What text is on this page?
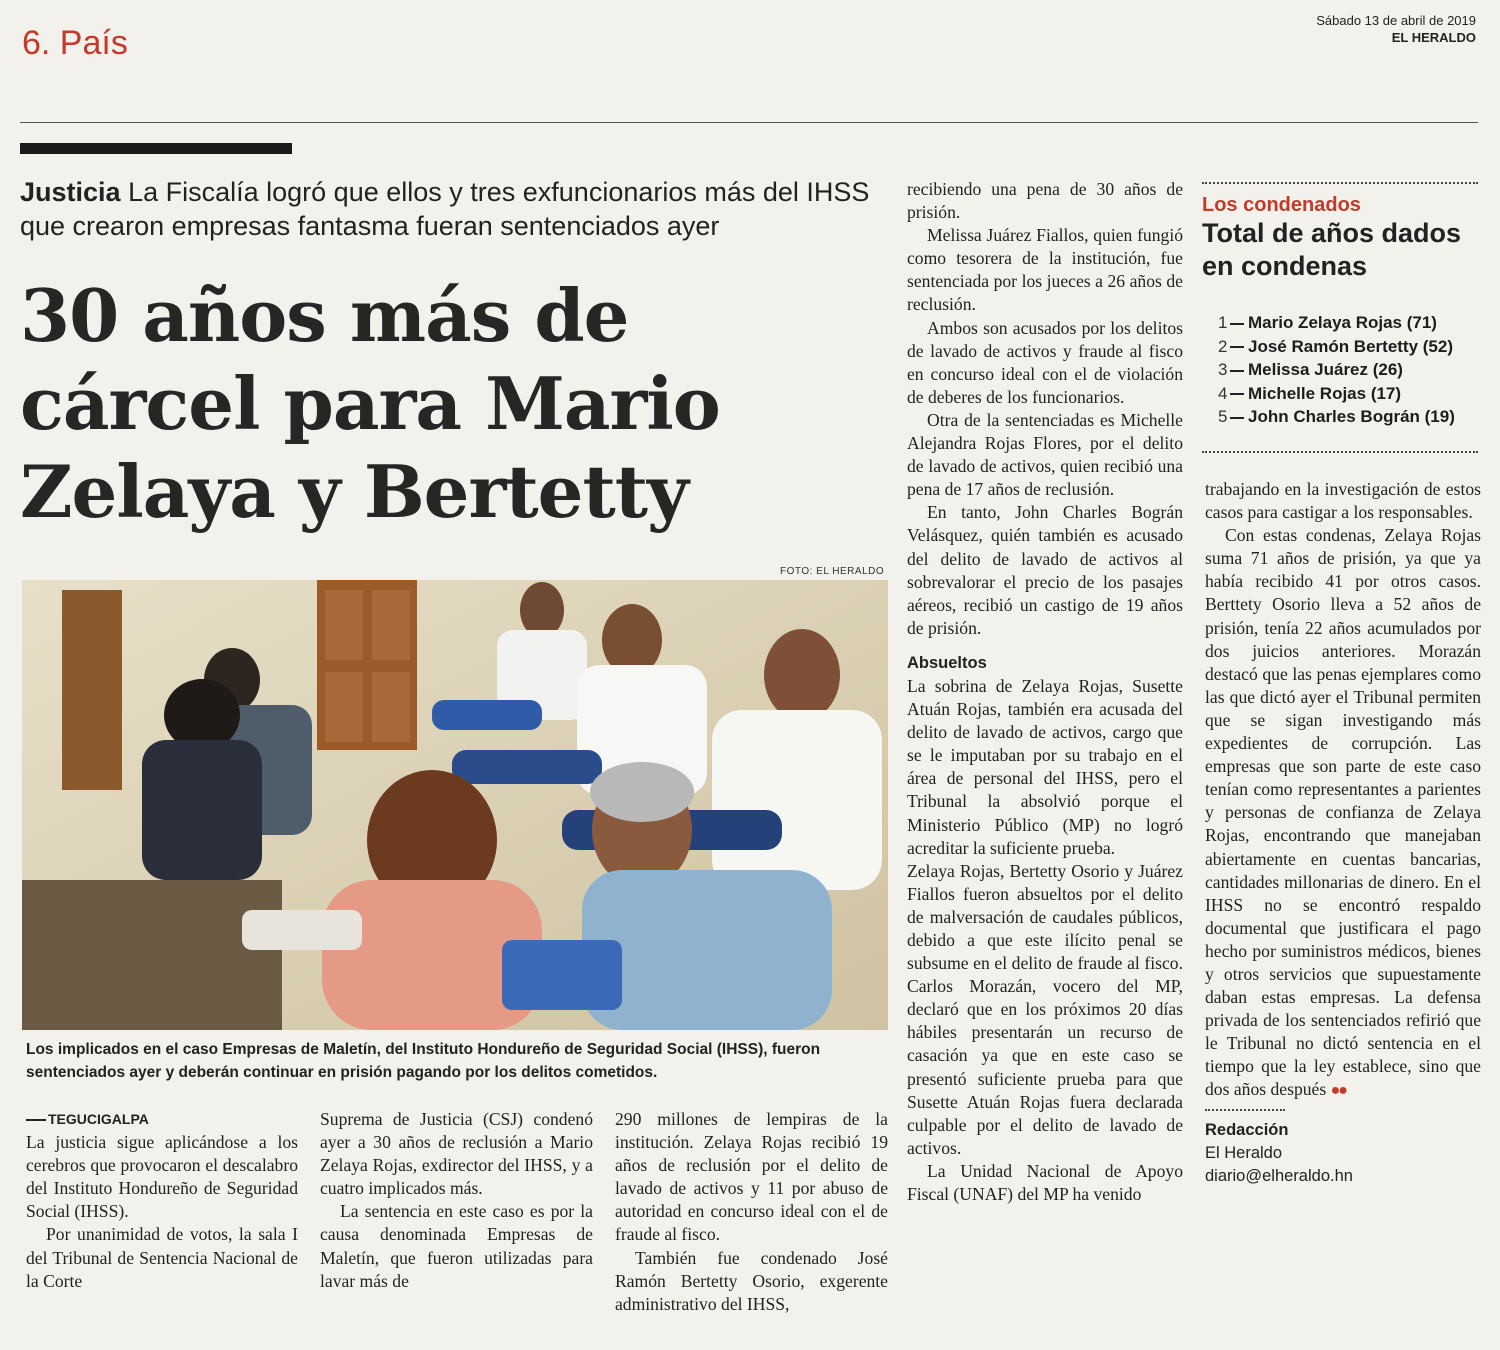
6. País
Sábado 13 de abril de 2019
EL HERALDO
Justicia La Fiscalía logró que ellos y tres exfuncionarios más del IHSS que crearon empresas fantasma fueran sentenciados ayer
30 años más de cárcel para Mario Zelaya y Bertetty
FOTO: EL HERALDO
Los implicados en el caso Empresas de Maletín, del Instituto Hondureño de Seguridad Social (IHSS), fueron sentenciados ayer y deberán continuar en prisión pagando por los delitos cometidos.
TEGUCIGALPA

La justicia sigue aplicándose a los cerebros que provocaron el descalabro del Instituto Hondureño de Seguridad Social (IHSS).

Por unanimidad de votos, la sala I del Tribunal de Sentencia Nacional de la Corte

Suprema de Justicia (CSJ) condenó ayer a 30 años de reclusión a Mario Zelaya Rojas, exdirector del IHSS, y a cuatro implicados más.

La sentencia en este caso es por la causa denominada Empresas de Maletín, que fueron utilizadas para lavar más de

290 millones de lempiras de la institución. Zelaya Rojas recibió 19 años de reclusión por el delito de lavado de activos y 11 por abuso de autoridad en concurso ideal con el de fraude al fisco.

También fue condenado José Ramón Bertetty Osorio, exgerente administrativo del IHSS,

recibiendo una pena de 30 años de prisión.

Melissa Juárez Fiallos, quien fungió como tesorera de la institución, fue sentenciada por los jueces a 26 años de reclusión.

Ambos son acusados por los delitos de lavado de activos y fraude al fisco en concurso ideal con el de violación de deberes de los funcionarios.

Otra de la sentenciadas es Michelle Alejandra Rojas Flores, por el delito de lavado de activos, quien recibió una pena de 17 años de reclusión.

En tanto, John Charles Bográn Velásquez, quién también es acusado del delito de lavado de activos al sobrevalorar el precio de los pasajes aéreos, recibió un castigo de 19 años de prisión.

Absueltos

La sobrina de Zelaya Rojas, Susette Atuán Rojas, también era acusada del delito de lavado de activos, cargo que se le imputaban por su trabajo en el área de personal del IHSS, pero el Tribunal la absolvió porque el Ministerio Público (MP) no logró acreditar la suficiente prueba.

Zelaya Rojas, Bertetty Osorio y Juárez Fiallos fueron absueltos por el delito de malversación de caudales públicos, debido a que este ilícito penal se subsume en el delito de fraude al fisco. Carlos Morazán, vocero del MP, declaró que en los próximos 20 días hábiles presentarán un recurso de casación ya que en este caso se presentó suficiente prueba para que Susette Atuán Rojas fuera declarada culpable por el delito de lavado de activos.

La Unidad Nacional de Apoyo Fiscal (UNAF) del MP ha venido

Los condenados
Total de años dados en condenas
1 Mario Zelaya Rojas (71)
2 José Ramón Bertetty (52)
3 Melissa Juárez (26)
4 Michelle Rojas (17)
5 John Charles Bográn (19)

trabajando en la investigación de estos casos para castigar a los responsables.

Con estas condenas, Zelaya Rojas suma 71 años de prisión, ya que ya había recibido 41 por otros casos. Berttety Osorio lleva a 52 años de prisión, tenía 22 años acumulados por dos juicios anteriores. Morazán destacó que las penas ejemplares como las que dictó ayer el Tribunal permiten que se sigan investigando más expedientes de corrupción. Las empresas que son parte de este caso tenían como representantes a parientes y personas de confianza de Zelaya Rojas, encontrando que manejaban abiertamente en cuentas bancarias, cantidades millonarias de dinero. En el IHSS no se encontró respaldo documental que justificara el pago hecho por suministros médicos, bienes y otros servicios que supuestamente daban estas empresas. La defensa privada de los sentenciados refirió que le Tribunal no dictó sentencia en el tiempo que la ley establece, sino que dos años después ●●

Redacción
El Heraldo
diario@elheraldo.hn
